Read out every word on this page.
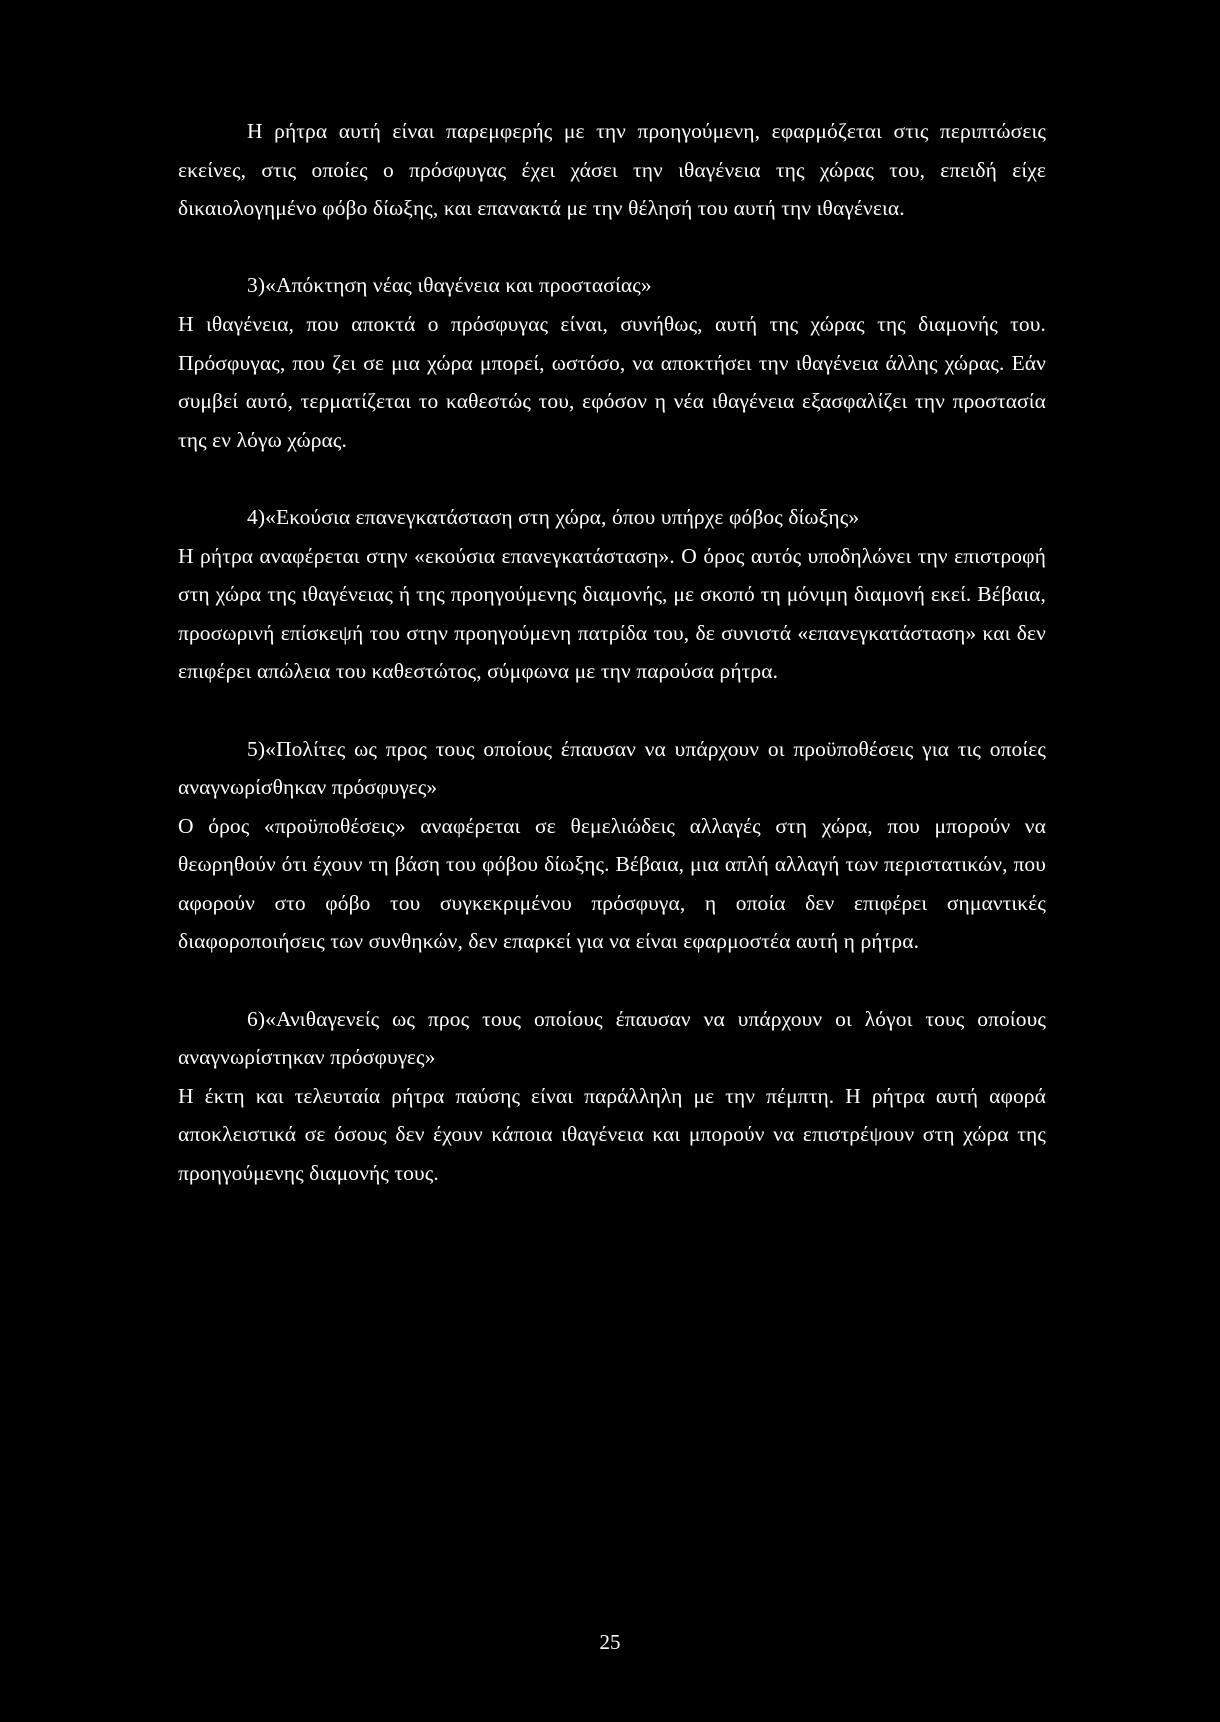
Η ρήτρα αυτή είναι παρεμφερής με την προηγούμενη, εφαρμόζεται στις περιπτώσεις εκείνες, στις οποίες ο πρόσφυγας έχει χάσει την ιθαγένεια της χώρας του, επειδή είχε δικαιολογημένο φόβο δίωξης, και επανακτά με την θέλησή του αυτή την ιθαγένεια.

3)«Απόκτηση νέας ιθαγένεια και προστασίας»
Η ιθαγένεια, που αποκτά ο πρόσφυγας είναι, συνήθως, αυτή της χώρας της διαμονής του. Πρόσφυγας, που ζει σε μια χώρα μπορεί, ωστόσο, να αποκτήσει την ιθαγένεια άλλης χώρας. Εάν συμβεί αυτό, τερματίζεται το καθεστώς του, εφόσον η νέα ιθαγένεια εξασφαλίζει την προστασία της εν λόγω χώρας.

4)«Εκούσια επανεγκατάσταση στη χώρα, όπου υπήρχε φόβος δίωξης»
Η ρήτρα αναφέρεται στην «εκούσια επανεγκατάσταση». Ο όρος αυτός υποδηλώνει την επιστροφή στη χώρα της ιθαγένειας ή της προηγούμενης διαμονής, με σκοπό τη μόνιμη διαμονή εκεί. Βέβαια, προσωρινή επίσκεψή του στην προηγούμενη πατρίδα του, δε συνιστά «επανεγκατάσταση» και δεν επιφέρει απώλεια του καθεστώτος, σύμφωνα με την παρούσα ρήτρα.

5)«Πολίτες ως προς τους οποίους έπαυσαν να υπάρχουν οι προϋποθέσεις για τις οποίες αναγνωρίσθηκαν πρόσφυγες»
Ο όρος «προϋποθέσεις» αναφέρεται σε θεμελιώδεις αλλαγές στη χώρα, που μπορούν να θεωρηθούν ότι έχουν τη βάση του φόβου δίωξης. Βέβαια, μια απλή αλλαγή των περιστατικών, που αφορούν στο φόβο του συγκεκριμένου πρόσφυγα, η οποία δεν επιφέρει σημαντικές διαφοροποιήσεις των συνθηκών, δεν επαρκεί για να είναι εφαρμοστέα αυτή η ρήτρα.

6)«Ανιθαγενείς ως προς τους οποίους έπαυσαν να υπάρχουν οι λόγοι τους οποίους αναγνωρίστηκαν πρόσφυγες»
Η έκτη και τελευταία ρήτρα παύσης είναι παράλληλη με την πέμπτη. Η ρήτρα αυτή αφορά αποκλειστικά σε όσους δεν έχουν κάποια ιθαγένεια και μπορούν να επιστρέψουν στη χώρα της προηγούμενης διαμονής τους.

25
